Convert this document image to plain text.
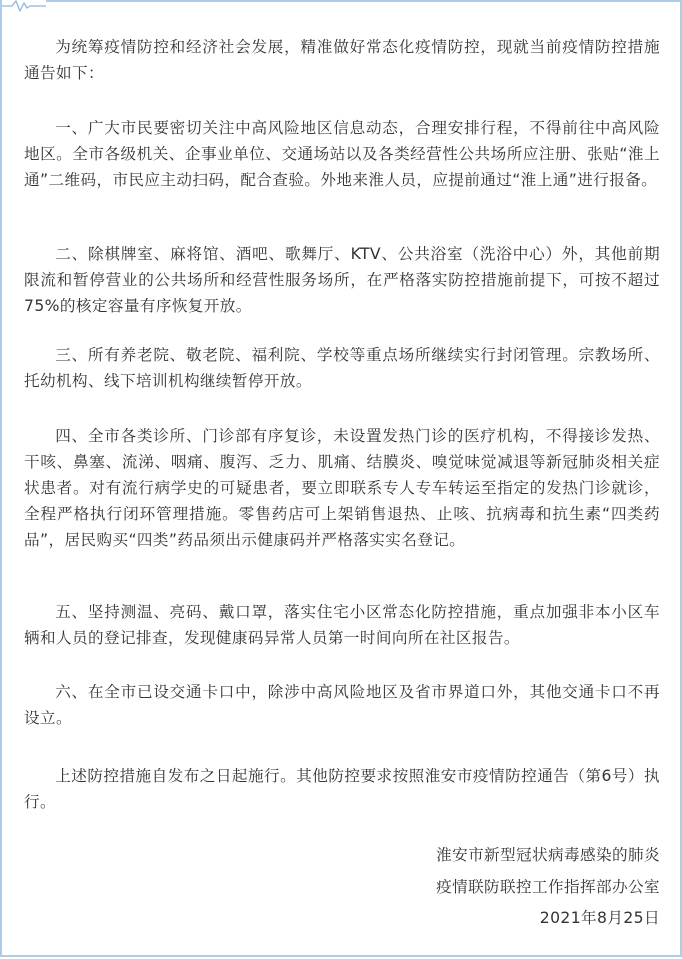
为统筹疫情防控和经济社会发展，精准做好常态化疫情防控，现就当前疫情防控措施通告如下：

一、广大市民要密切关注中高风险地区信息动态，合理安排行程，不得前往中高风险地区。全市各级机关、企事业单位、交通场站以及各类经营性公共场所应注册、张贴“淮上通”二维码，市民应主动扫码，配合查验。外地来淮人员，应提前通过“淮上通”进行报备。

二、除棋牌室、麻将馆、酒吧、歌舞厅、KTV、公共浴室（洗浴中心）外，其他前期限流和暂停营业的公共场所和经营性服务场所，在严格落实防控措施前提下，可按不超过75%的核定容量有序恢复开放。

三、所有养老院、敬老院、福利院、学校等重点场所继续实行封闭管理。宗教场所、托幼机构、线下培训机构继续暂停开放。

四、全市各类诊所、门诊部有序复诊，未设置发热门诊的医疗机构，不得接诊发热、干咳、鼻塞、流涕、咽痛、腹泻、乏力、肌痛、结膜炎、嗅觉味觉减退等新冠肺炎相关症状患者。对有流行病学史的可疑患者，要立即联系专人专车转运至指定的发热门诊就诊，全程严格执行闭环管理措施。零售药店可上架销售退热、止咳、抗病毒和抗生素“四类药品”，居民购买“四类”药品须出示健康码并严格落实实名登记。

五、坚持测温、亮码、戴口罩，落实住宅小区常态化防控措施，重点加强非本小区车辆和人员的登记排查，发现健康码异常人员第一时间向所在社区报告。

六、在全市已设交通卡口中，除涉中高风险地区及省市界道口外，其他交通卡口不再设立。

上述防控措施自发布之日起施行。其他防控要求按照淮安市疫情防控通告（第6号）执行。

淮安市新型冠状病毒感染的肺炎

疫情联防联控工作指挥部办公室

2021年8月25日
